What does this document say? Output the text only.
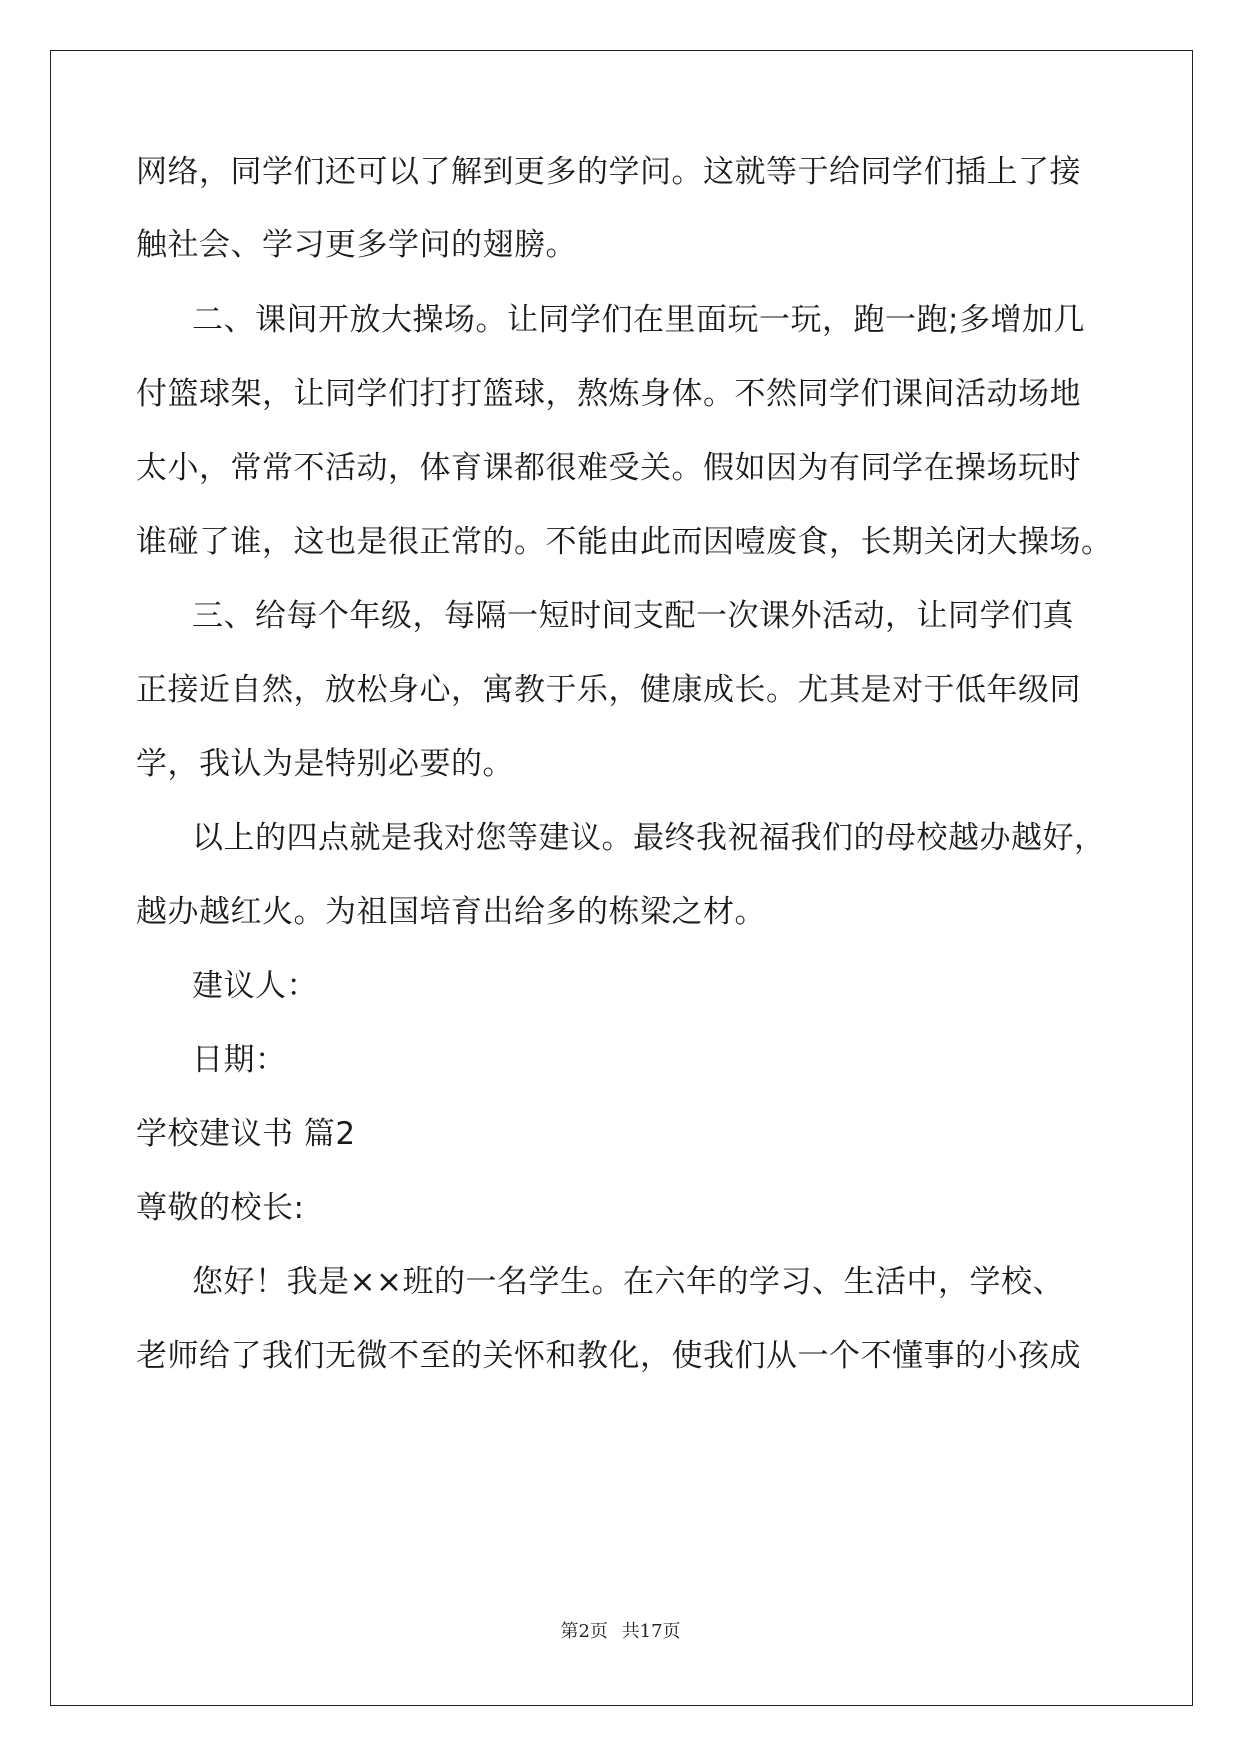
网络，同学们还可以了解到更多的学问。这就等于给同学们插上了接

触社会、学习更多学问的翅膀。

二、课间开放大操场。让同学们在里面玩一玩，跑一跑;多增加几

付篮球架，让同学们打打篮球，熬炼身体。不然同学们课间活动场地

太小，常常不活动，体育课都很难受关。假如因为有同学在操场玩时

谁碰了谁，这也是很正常的。不能由此而因噎废食，长期关闭大操场。

三、给每个年级，每隔一短时间支配一次课外活动，让同学们真

正接近自然，放松身心，寓教于乐，健康成长。尤其是对于低年级同

学，我认为是特别必要的。

以上的四点就是我对您等建议。最终我祝福我们的母校越办越好，

越办越红火。为祖国培育出给多的栋梁之材。

建议人：

日期：

学校建议书 篇2

尊敬的校长:

您好！我是××班的一名学生。在六年的学习、生活中，学校、

老师给了我们无微不至的关怀和教化，使我们从一个不懂事的小孩成

第2页 共17页
